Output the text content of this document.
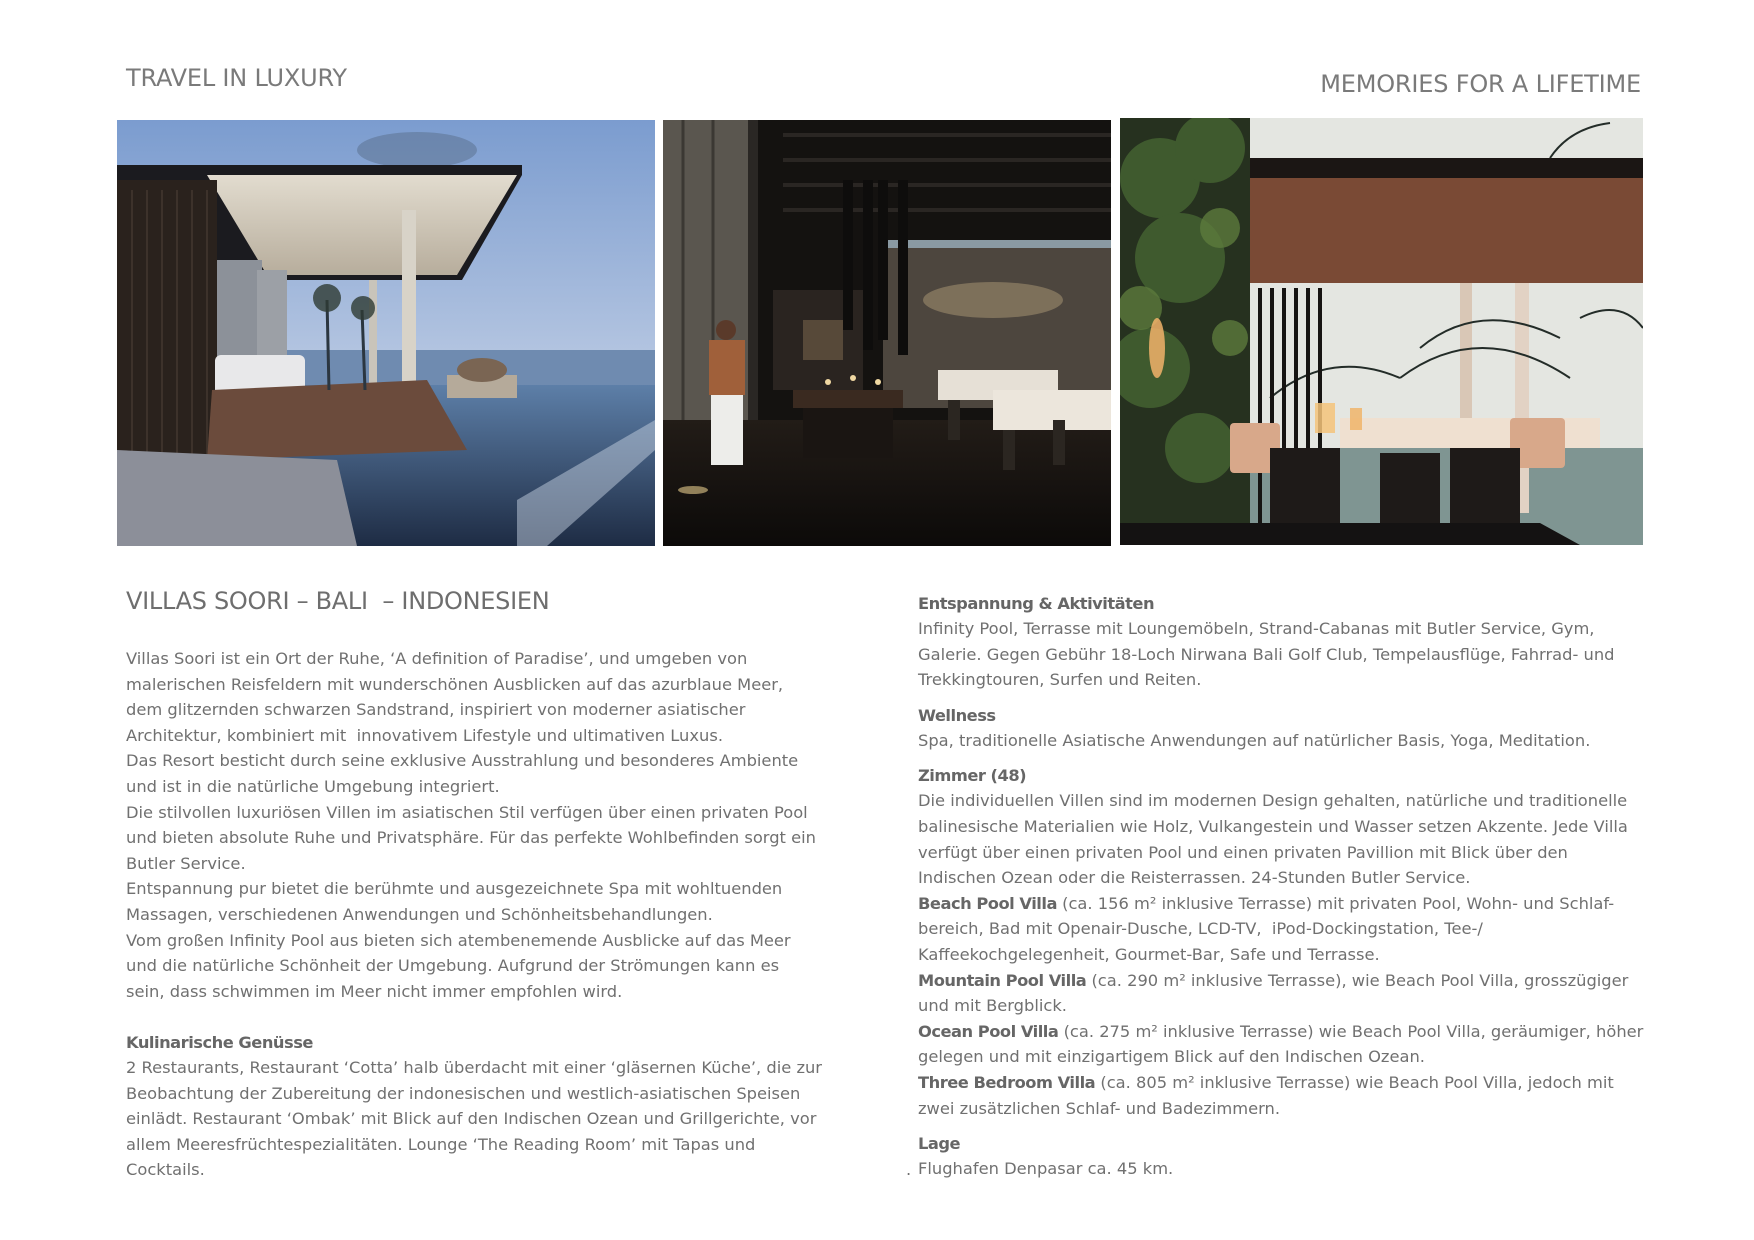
TRAVEL IN LUXURY	MEMORIES FOR A LIFETIME
VILLAS SOORI – BALI  – INDONESIEN
Villas Soori ist ein Ort der Ruhe, ‘A definition of Paradise’, und umgeben von
malerischen Reisfeldern mit wunderschönen Ausblicken auf das azurblaue Meer,
dem glitzernden schwarzen Sandstrand, inspiriert von moderner asiatischer
Architektur, kombiniert mit  innovativem Lifestyle und ultimativen Luxus.
Das Resort besticht durch seine exklusive Ausstrahlung und besonderes Ambiente
und ist in die natürliche Umgebung integriert.
Die stilvollen luxuriösen Villen im asiatischen Stil verfügen über einen privaten Pool
und bieten absolute Ruhe und Privatsphäre. Für das perfekte Wohlbefinden sorgt ein
Butler Service.
Entspannung pur bietet die berühmte und ausgezeichnete Spa mit wohltuenden
Massagen, verschiedenen Anwendungen und Schönheitsbehandlungen.
Vom großen Infinity Pool aus bieten sich atembenemende Ausblicke auf das Meer
und die natürliche Schönheit der Umgebung. Aufgrund der Strömungen kann es
sein, dass schwimmen im Meer nicht immer empfohlen wird.
Kulinarische Genüsse
2 Restaurants, Restaurant ‘Cotta’ halb überdacht mit einer ‘gläsernen Küche’, die zur
Beobachtung der Zubereitung der indonesischen und westlich-asiatischen Speisen
einlädt. Restaurant ‘Ombak’ mit Blick auf den Indischen Ozean und Grillgerichte, vor
allem Meeresfrüchtespezialitäten. Lounge ‘The Reading Room’ mit Tapas und
Cocktails.	.
Entspannung & Aktivitäten
Infinity Pool, Terrasse mit Loungemöbeln, Strand-Cabanas mit Butler Service, Gym,
Galerie. Gegen Gebühr 18-Loch Nirwana Bali Golf Club, Tempelausflüge, Fahrrad- und
Trekkingtouren, Surfen und Reiten.
Wellness
Spa, traditionelle Asiatische Anwendungen auf natürlicher Basis, Yoga, Meditation.
Zimmer (48)
Die individuellen Villen sind im modernen Design gehalten, natürliche und traditionelle
balinesische Materialien wie Holz, Vulkangestein und Wasser setzen Akzente. Jede Villa
verfügt über einen privaten Pool und einen privaten Pavillion mit Blick über den
Indischen Ozean oder die Reisterrassen. 24-Stunden Butler Service.
Beach Pool Villa (ca. 156 m² inklusive Terrasse) mit privaten Pool, Wohn- und Schlaf-
bereich, Bad mit Openair-Dusche, LCD-TV,  iPod-Dockingstation, Tee-/
Kaffeekochgelegenheit, Gourmet-Bar, Safe und Terrasse.
Mountain Pool Villa (ca. 290 m² inklusive Terrasse), wie Beach Pool Villa, grosszügiger
und mit Bergblick.
Ocean Pool Villa (ca. 275 m² inklusive Terrasse) wie Beach Pool Villa, geräumiger, höher
gelegen und mit einzigartigem Blick auf den Indischen Ozean.
Three Bedroom Villa (ca. 805 m² inklusive Terrasse) wie Beach Pool Villa, jedoch mit
zwei zusätzlichen Schlaf- und Badezimmern.
Lage
Flughafen Denpasar ca. 45 km.
